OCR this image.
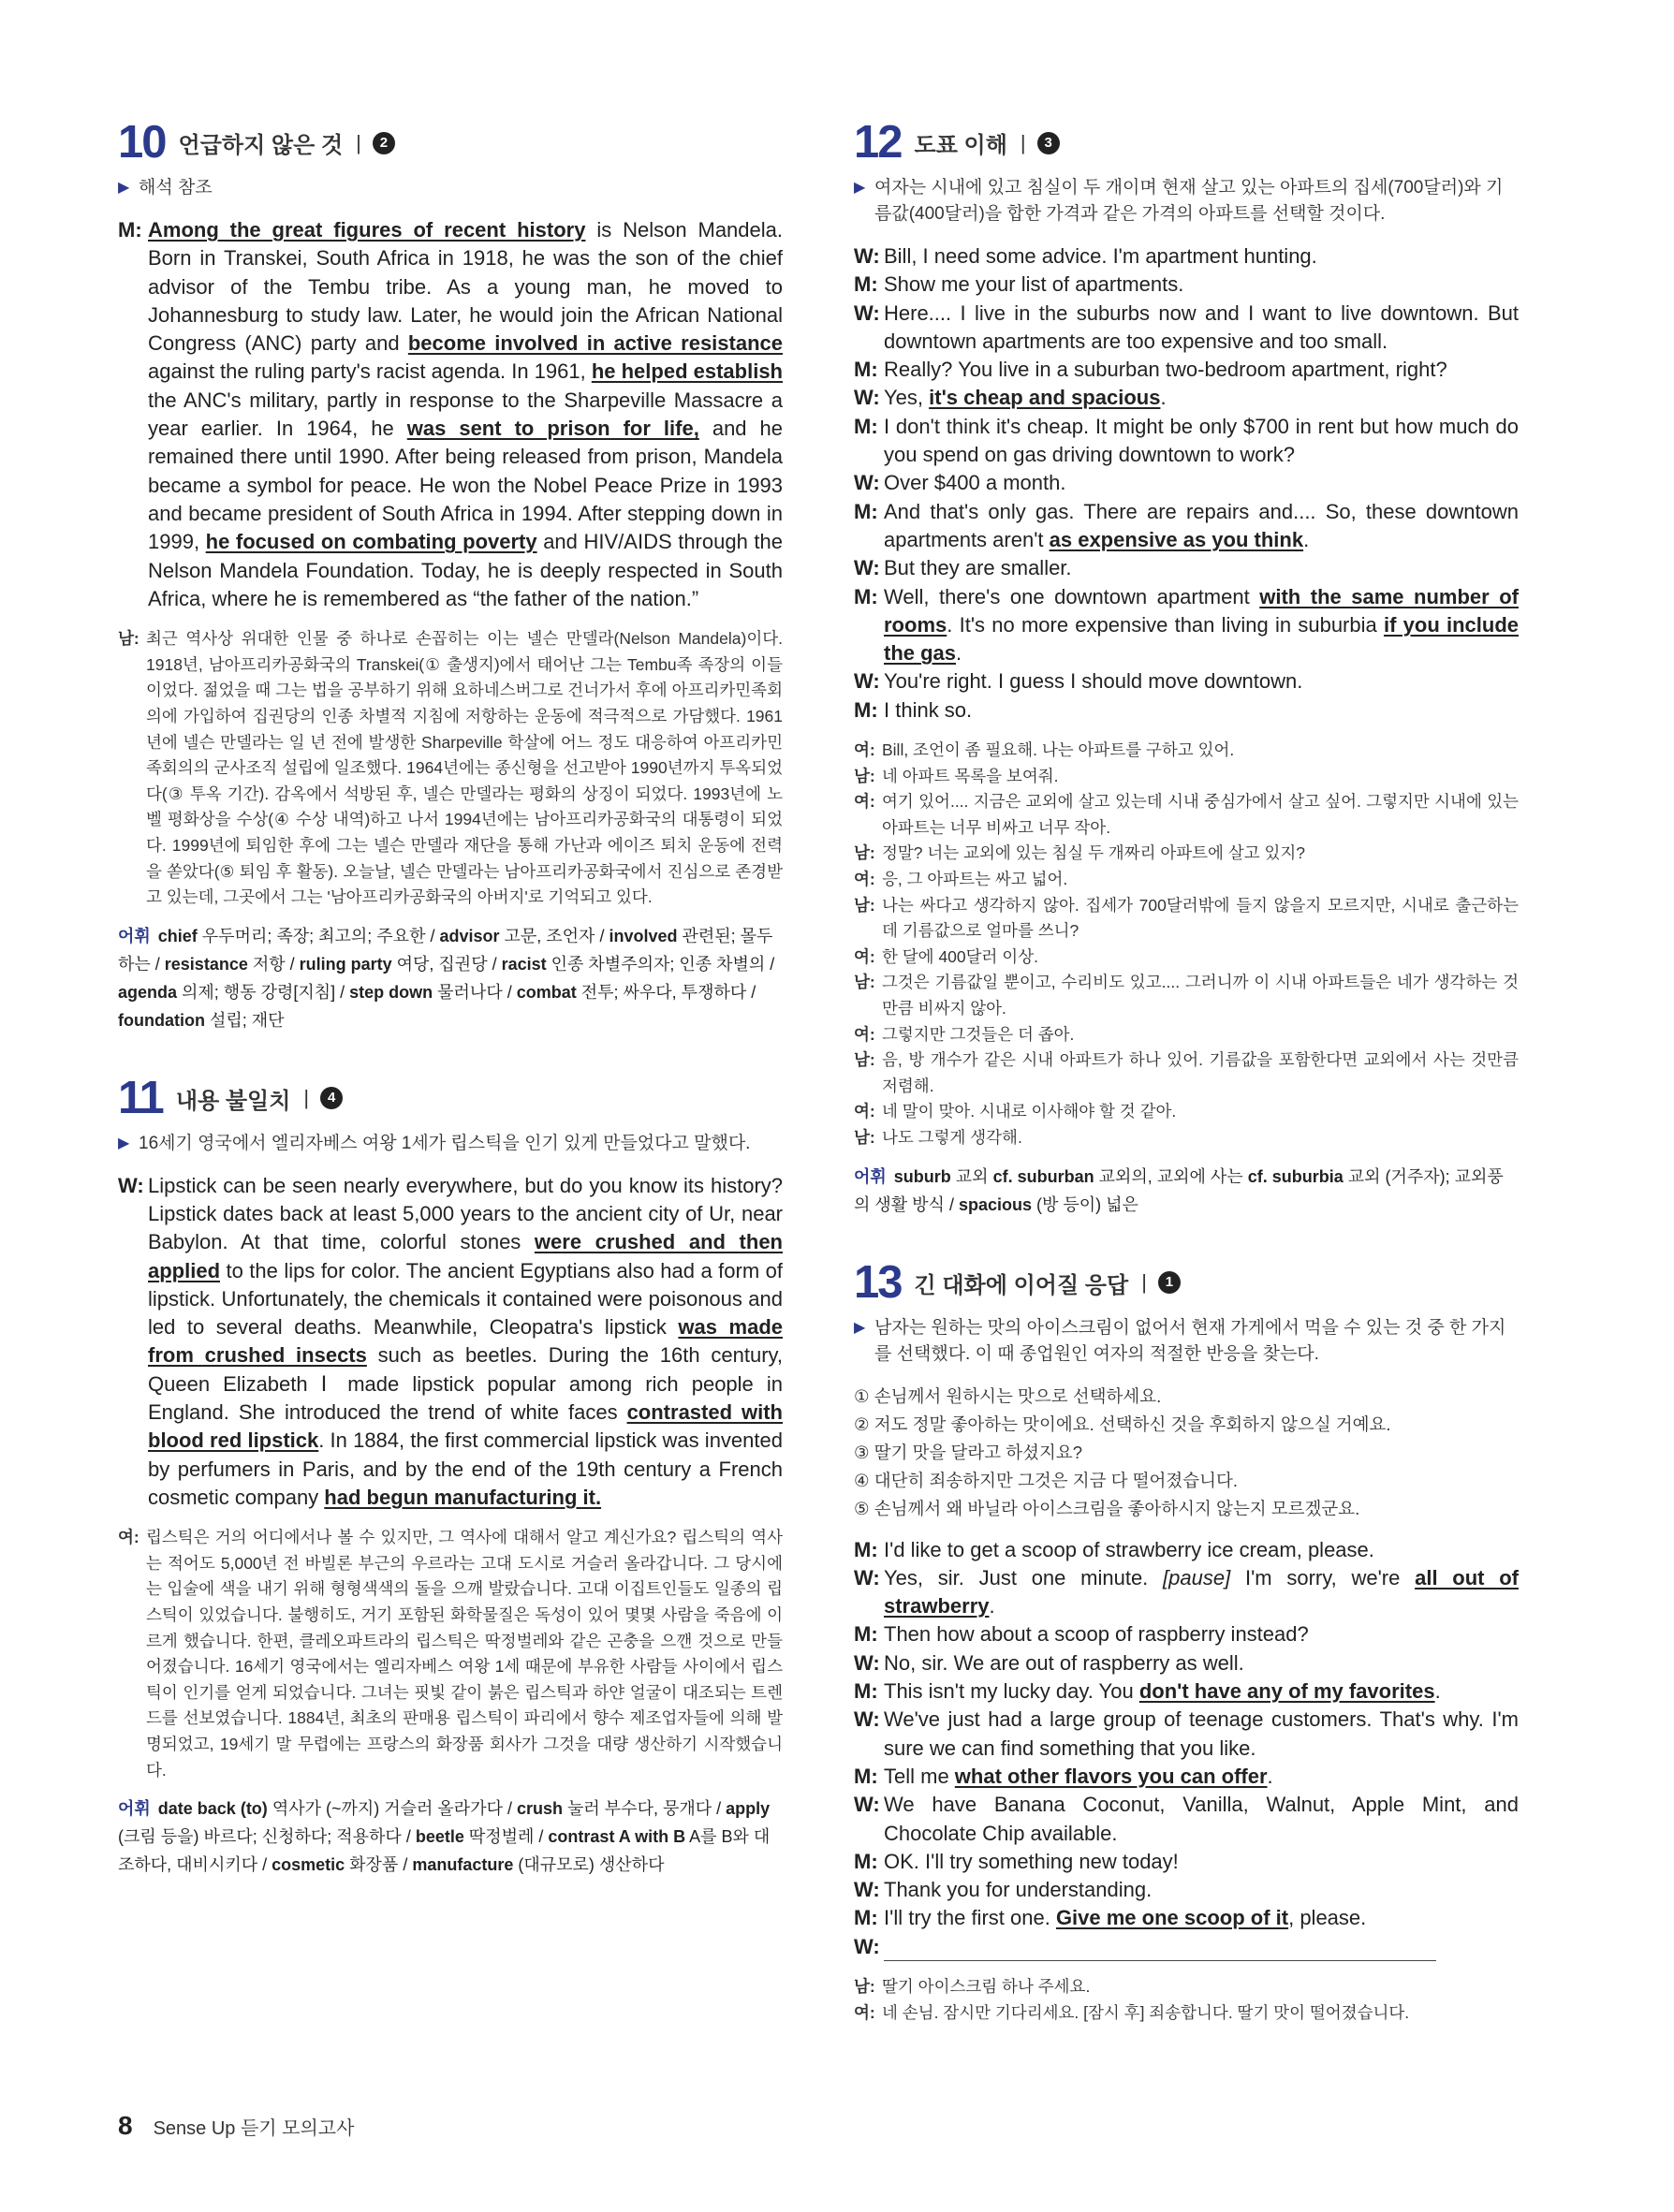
10 언급하지 않은 것 |	2
▶ 해석 참조
M: Among the great figures of recent history is Nelson Mandela. Born in Transkei, South Africa in 1918, he was the son of the chief advisor of the Tembu tribe. As a young man, he moved to Johannesburg to study law. Later, he would join the African National Congress (ANC) party and become involved in active resistance against the ruling party's racist agenda. In 1961, he helped establish the ANC's military, partly in response to the Sharpeville Massacre a year earlier. In 1964, he was sent to prison for life, and he remained there until 1990. After being released from prison, Mandela became a symbol for peace. He won the Nobel Peace Prize in 1993 and became president of South Africa in 1994. After stepping down in 1999, he focused on combating poverty and HIV/AIDS through the Nelson Mandela Foundation. Today, he is deeply respected in South Africa, where he is remembered as “the father of the nation.”
남: 최근 역사상 위대한 인물 중 하나로 손꼽히는 이는 넬슨 만델라(Nelson Mandela)이다. 1918년, 남아프리카공화국의 Transkei(① 출생지)에서 태어난 그는 Tembu족 족장의 이들이었다. 젊었을 때 그는 법을 공부하기 위해 요하네스버그로 건너가서 후에 아프리카민족회의에 가입하여 집권당의 인종 차별적 지침에 저항하는 운동에 적극적으로 가담했다. 1961년에 넬슨 만델라는 일 년 전에 발생한 Sharpeville 학살에 어느 정도 대응하여 아프리카민족회의의 군사조직 설립에 일조했다. 1964년에는 종신형을 선고받아 1990년까지 투옥되었다(③ 투옥 기간). 감옥에서 석방된 후, 넬슨 만델라는 평화의 상징이 되었다. 1993년에 노벨 평화상을 수상(④ 수상 내역)하고 나서 1994년에는 남아프리카공화국의 대통령이 되었다. 1999년에 퇴임한 후에 그는 넬슨 만델라 재단을 통해 가난과 에이즈 퇴치 운동에 전력을 쏟았다(⑤ 퇴임 후 활동). 오늘날, 넬슨 만델라는 남아프리카공화국에서 진심으로 존경받고 있는데, 그곳에서 그는 '남아프리카공화국의 아버지'로 기억되고 있다.
어휘 chief 우두머리; 족장; 최고의; 주요한 / advisor 고문, 조언자 / involved 관련된; 몰두하는 / resistance 저항 / ruling party 여당, 집권당 / racist 인종 차별주의자; 인종 차별의 / agenda 의제; 행동 강령[지침] / step down 물러나다 / combat 전투; 싸우다, 투쟁하다 / foundation 설립; 재단
11 내용 불일치 |	4
▶ 16세기 영국에서 엘리자베스 여왕 1세가 립스틱을 인기 있게 만들었다고 말했다.
W: Lipstick can be seen nearly everywhere, but do you know its history? Lipstick dates back at least 5,000 years to the ancient city of Ur, near Babylon. At that time, colorful stones were crushed and then applied to the lips for color. The ancient Egyptians also had a form of lipstick. Unfortunately, the chemicals it contained were poisonous and led to several deaths. Meanwhile, Cleopatra's lipstick was made from crushed insects such as beetles. During the 16th century, Queen Elizabeth Ⅰ made lipstick popular among rich people in England. She introduced the trend of white faces contrasted with blood red lipstick. In 1884, the first commercial lipstick was invented by perfumers in Paris, and by the end of the 19th century a French cosmetic company had begun manufacturing it.
여: 립스틱은 거의 어디에서나 볼 수 있지만, 그 역사에 대해서 알고 계신가요? 립스틱의 역사는 적어도 5,000년 전 바빌론 부근의 우르라는 고대 도시로 거슬러 올라갑니다. 그 당시에는 입술에 색을 내기 위해 형형색색의 돌을 으깨 발랐습니다. 고대 이집트인들도 일종의 립스틱이 있었습니다. 불행히도, 거기 포함된 화학물질은 독성이 있어 몇몇 사람을 죽음에 이르게 했습니다. 한편, 클레오파트라의 립스틱은 딱정벌레와 같은 곤충을 으깬 것으로 만들어졌습니다. 16세기 영국에서는 엘리자베스 여왕 1세 때문에 부유한 사람들 사이에서 립스틱이 인기를 얻게 되었습니다. 그녀는 핏빛 같이 붉은 립스틱과 하얀 얼굴이 대조되는 트렌드를 선보였습니다. 1884년, 최초의 판매용 립스틱이 파리에서 향수 제조업자들에 의해 발명되었고, 19세기 말 무렵에는 프랑스의 화장품 회사가 그것을 대량 생산하기 시작했습니다.
어휘 date back (to) 역사가 (~까지) 거슬러 올라가다 / crush 눌러 부수다, 뭉개다 / apply (크림 등을) 바르다; 신청하다; 적용하다 / beetle 딱정벌레 / contrast A with B A를 B와 대조하다, 대비시키다 / cosmetic 화장품 / manufacture (대규모로) 생산하다
12 도표 이해 |	3
▶ 여자는 시내에 있고 침실이 두 개이며 현재 살고 있는 아파트의 집세(700달러)와 기름값(400달러)을 합한 가격과 같은 가격의 아파트를 선택할 것이다.
W: Bill, I need some advice. I'm apartment hunting.
M: Show me your list of apartments.
W: Here.... I live in the suburbs now and I want to live downtown. But downtown apartments are too expensive and too small.
M: Really? You live in a suburban two-bedroom apartment, right?
W: Yes, it's cheap and spacious.
M: I don't think it's cheap. It might be only $700 in rent but how much do you spend on gas driving downtown to work?
W: Over $400 a month.
M: And that's only gas. There are repairs and.... So, these downtown apartments aren't as expensive as you think.
W: But they are smaller.
M: Well, there's one downtown apartment with the same number of rooms. It's no more expensive than living in suburbia if you include the gas.
W: You're right. I guess I should move downtown.
M: I think so.
여: Bill, 조언이 좀 필요해. 나는 아파트를 구하고 있어.
남: 네 아파트 목록을 보여줘.
여: 여기 있어.... 지금은 교외에 살고 있는데 시내 중심가에서 살고 싶어. 그렇지만 시내에 있는 아파트는 너무 비싸고 너무 작아.
남: 정말? 너는 교외에 있는 침실 두 개짜리 아파트에 살고 있지?
여: 응, 그 아파트는 싸고 넓어.
남: 나는 싸다고 생각하지 않아. 집세가 700달러밖에 들지 않을지 모르지만, 시내로 출근하는 데 기름값으로 얼마를 쓰니?
여: 한 달에 400달러 이상.
남: 그것은 기름값일 뿐이고, 수리비도 있고.... 그러니까 이 시내 아파트들은 네가 생각하는 것만큼 비싸지 않아.
여: 그렇지만 그것들은 더 좁아.
남: 음, 방 개수가 같은 시내 아파트가 하나 있어. 기름값을 포함한다면 교외에서 사는 것만큼 저렴해.
여: 네 말이 맞아. 시내로 이사해야 할 것 같아.
남: 나도 그렇게 생각해.
어휘 suburb 교외 cf. suburban 교외의, 교외에 사는 cf. suburbia 교외 (거주자); 교외풍의 생활 방식 / spacious (방 등이) 넓은
13 긴 대화에 이어질 응답 |	1
▶ 남자는 원하는 맛의 아이스크림이 없어서 현재 가게에서 먹을 수 있는 것 중 한 가지를 선택했다. 이 때 종업원인 여자의 적절한 반응을 찾는다.
① 손님께서 원하시는 맛으로 선택하세요.
② 저도 정말 좋아하는 맛이에요. 선택하신 것을 후회하지 않으실 거예요.
③ 딸기 맛을 달라고 하셨지요?
④ 대단히 죄송하지만 그것은 지금 다 떨어졌습니다.
⑤ 손님께서 왜 바닐라 아이스크림을 좋아하시지 않는지 모르겠군요.
M: I'd like to get a scoop of strawberry ice cream, please.
W: Yes, sir. Just one minute. [pause] I'm sorry, we're all out of strawberry.
M: Then how about a scoop of raspberry instead?
W: No, sir. We are out of raspberry as well.
M: This isn't my lucky day. You don't have any of my favorites.
W: We've just had a large group of teenage customers. That's why. I'm sure we can find something that you like.
M: Tell me what other flavors you can offer.
W: We have Banana Coconut, Vanilla, Walnut, Apple Mint, and Chocolate Chip available.
M: OK. I'll try something new today!
W: Thank you for understanding.
M: I'll try the first one. Give me one scoop of it, please.
W:
남: 딸기 아이스크림 하나 주세요.
여: 네 손님. 잠시만 기다리세요. [잠시 후] 죄송합니다. 딸기 맛이 떨어졌습니다.
8 Sense Up 듣기 모의고사
